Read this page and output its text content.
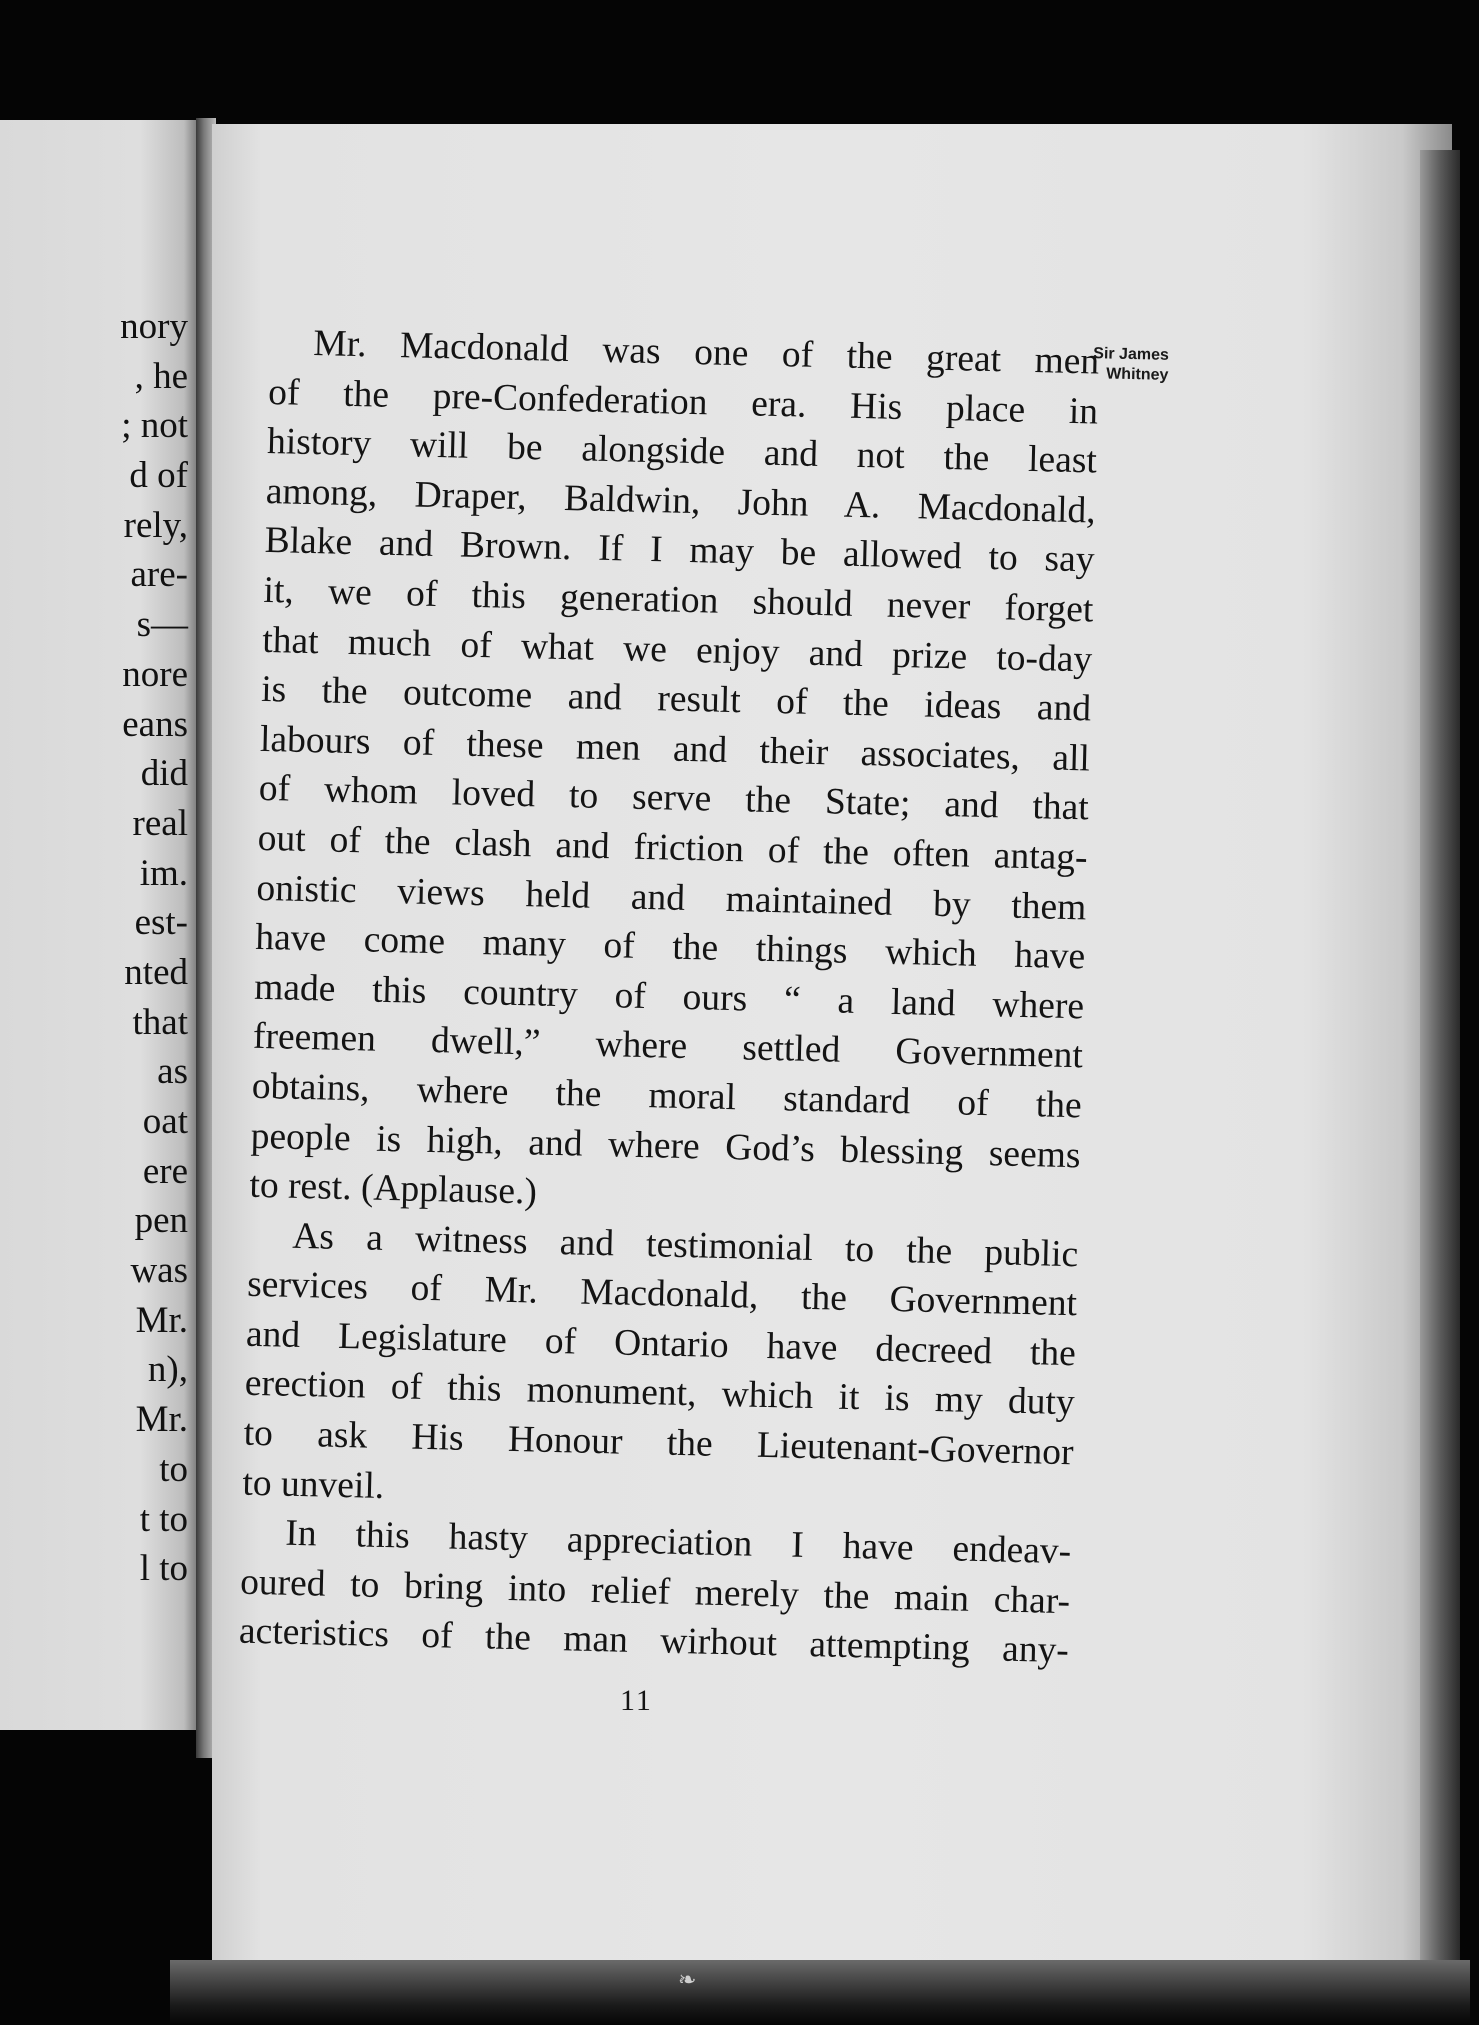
nory
, he
; not
d of
rely,
are-
s—
nore
eans
did
real
im.
est-
nted
that
as
oat
ere
pen
was
Mr.
n),
Mr.
to
t to
l to
Sir James
Whitney
Mr. Macdonald was one of the great men
of the pre-Confederation era. His place in
history will be alongside and not the least
among, Draper, Baldwin, John A. Macdonald,
Blake and Brown. If I may be allowed to say
it, we of this generation should never forget
that much of what we enjoy and prize to-day
is the outcome and result of the ideas and
labours of these men and their associates, all
of whom loved to serve the State; and that
out of the clash and friction of the often antag-
onistic views held and maintained by them
have come many of the things which have
made this country of ours “ a land where
freemen dwell,” where settled Government
obtains, where the moral standard of the
people is high, and where God’s blessing seems
to rest. (Applause.)
As a witness and testimonial to the public
services of Mr. Macdonald, the Government
and Legislature of Ontario have decreed the
erection of this monument, which it is my duty
to ask His Honour the Lieutenant-Governor
to unveil.
In this hasty appreciation I have endeav-
oured to bring into relief merely the main char-
acteristics of the man wirhout attempting any-
11
❧
